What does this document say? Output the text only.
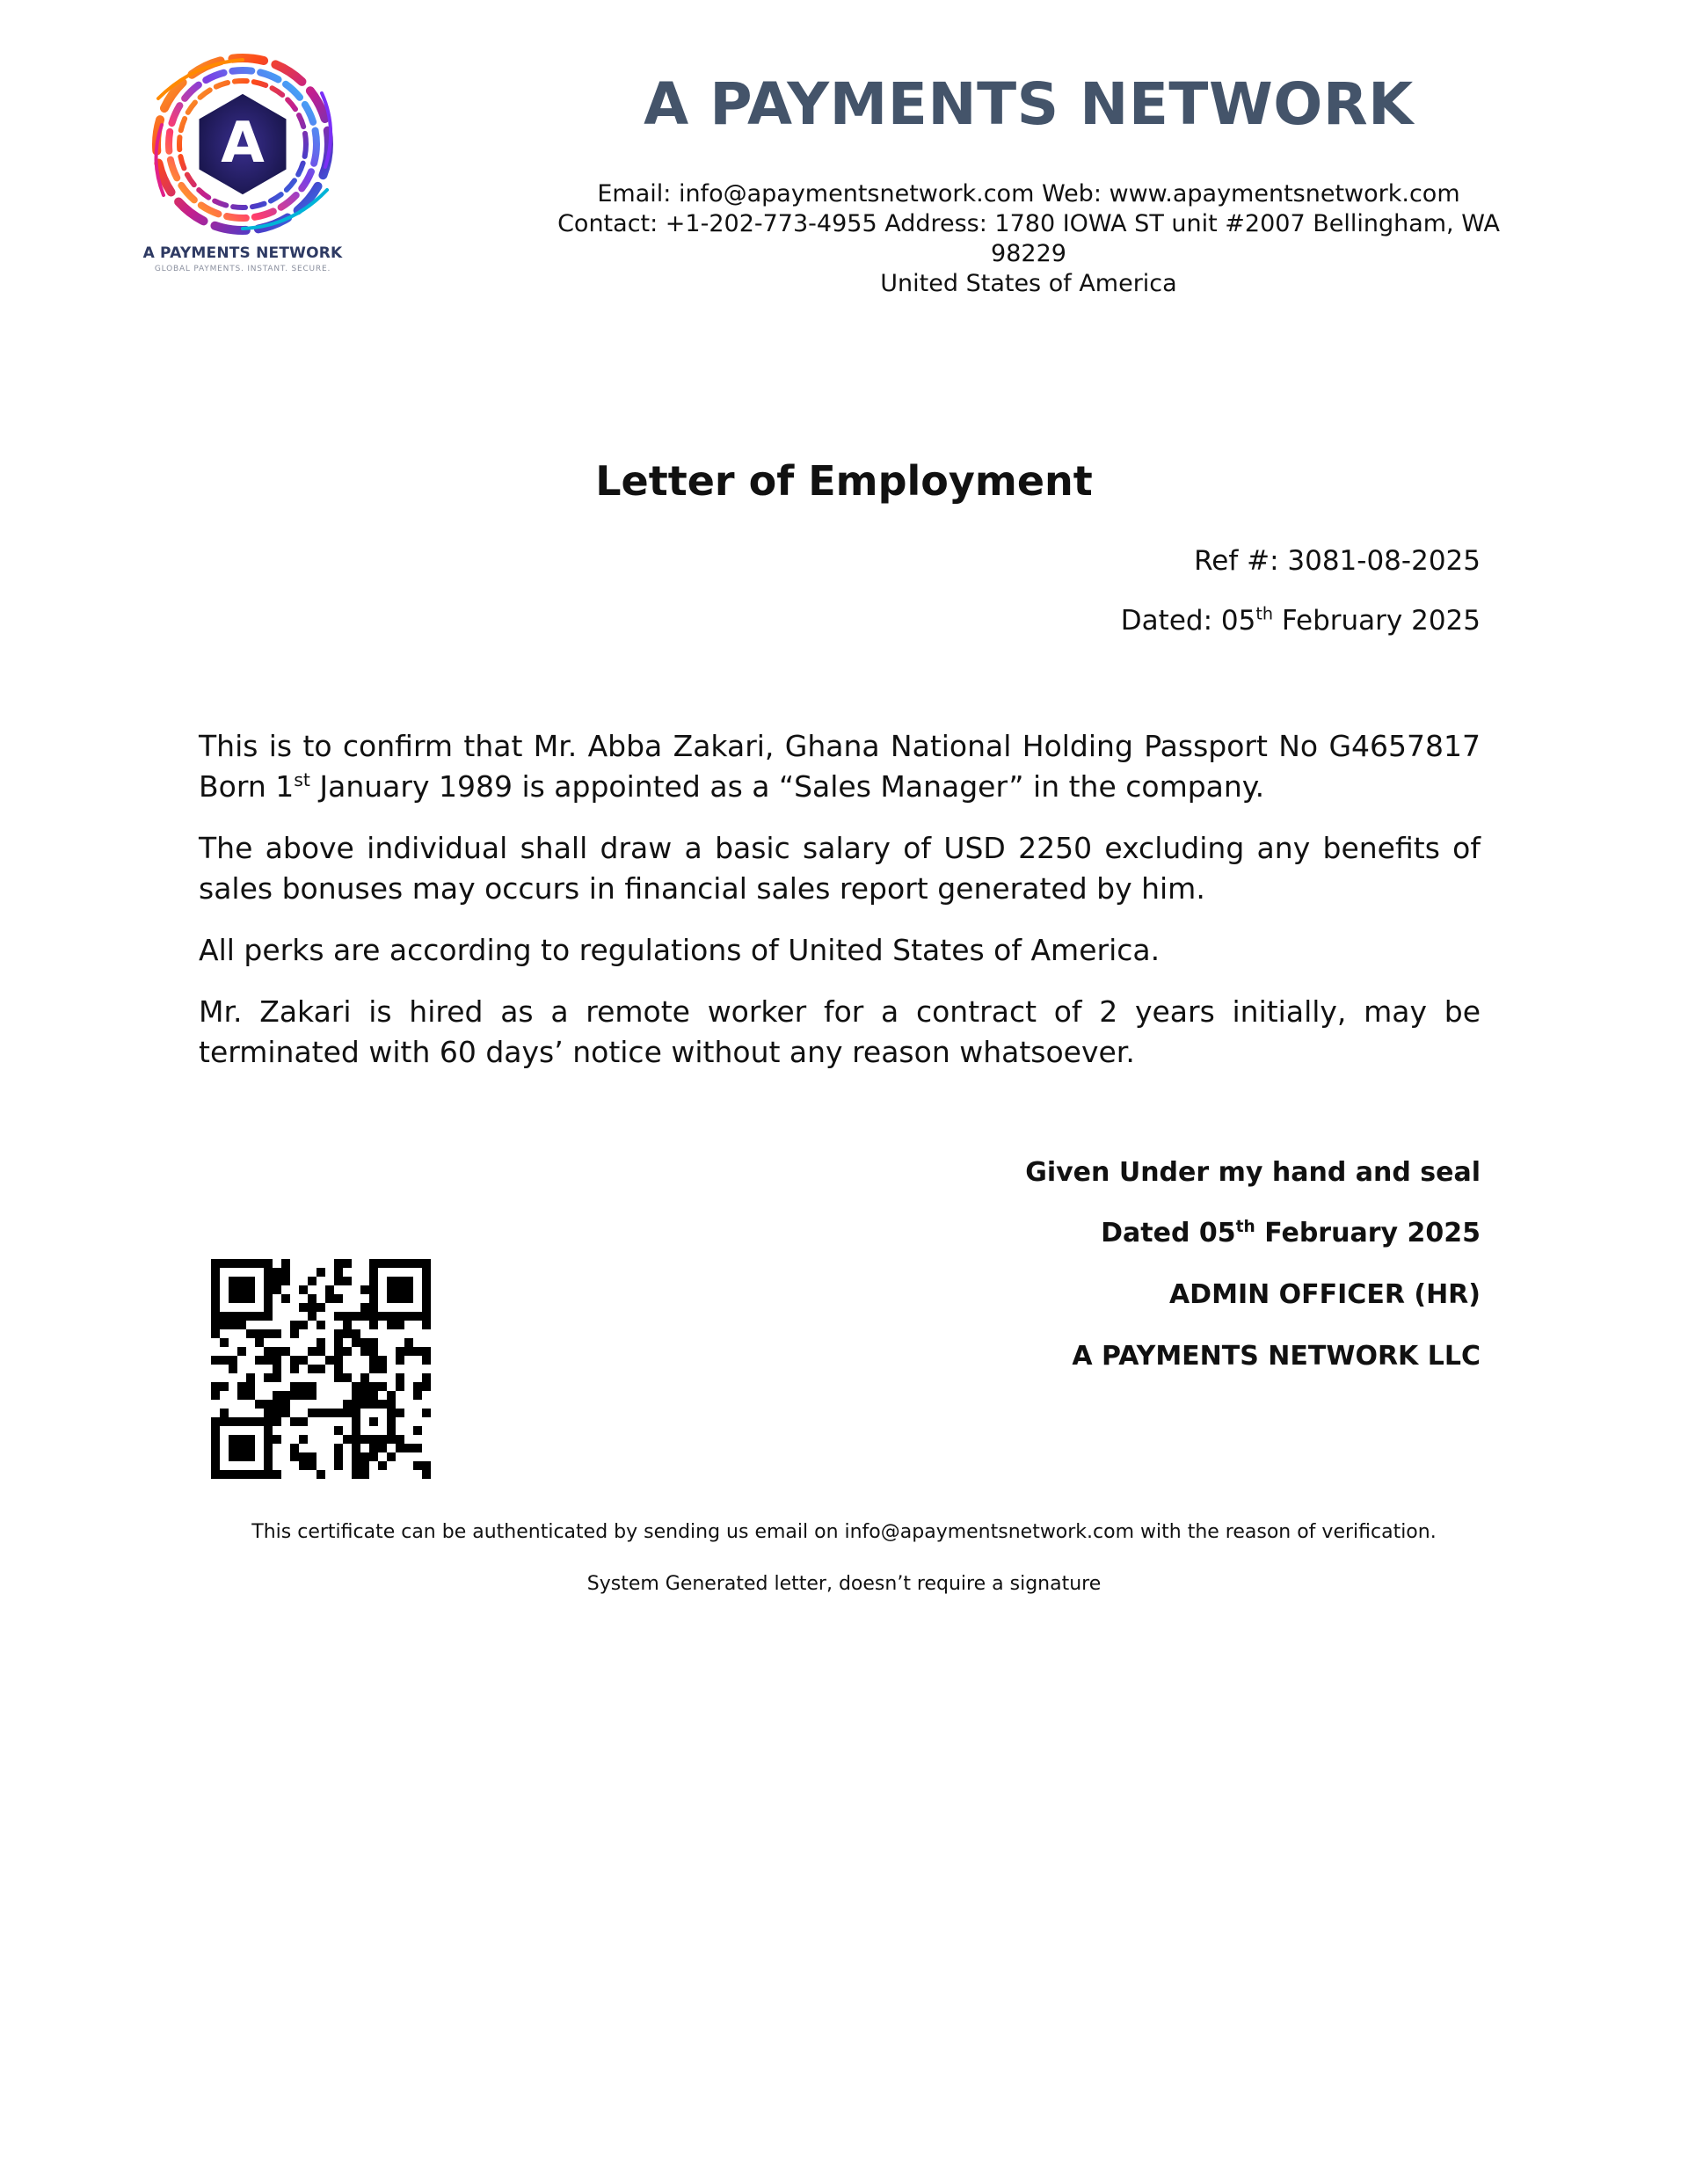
A
A PAYMENTS NETWORK
GLOBAL PAYMENTS. INSTANT. SECURE.
A PAYMENTS NETWORK
Email: info@apaymentsnetwork.com Web: www.apaymentsnetwork.com
Contact: +1-202-773-4955 Address: 1780 IOWA ST unit #2007 Bellingham, WA 98229
United States of America
Letter of Employment
Ref #: 3081-08-2025
Dated: 05th February 2025

This is to confirm that Mr. Abba Zakari, Ghana National Holding Passport No G4657817 Born 1st January 1989 is appointed as a “Sales Manager” in the company.

The above individual shall draw a basic salary of USD 2250 excluding any benefits of sales bonuses may occurs in financial sales report generated by him.

All perks are according to regulations of United States of America.

Mr. Zakari is hired as a remote worker for a contract of 2 years initially, may be terminated with 60 days’ notice without any reason whatsoever.

Given Under my hand and seal
Dated 05th February 2025
ADMIN OFFICER (HR)
A PAYMENTS NETWORK LLC
This certificate can be authenticated by sending us email on info@apaymentsnetwork.com with the reason of verification.
System Generated letter, doesn’t require a signature
